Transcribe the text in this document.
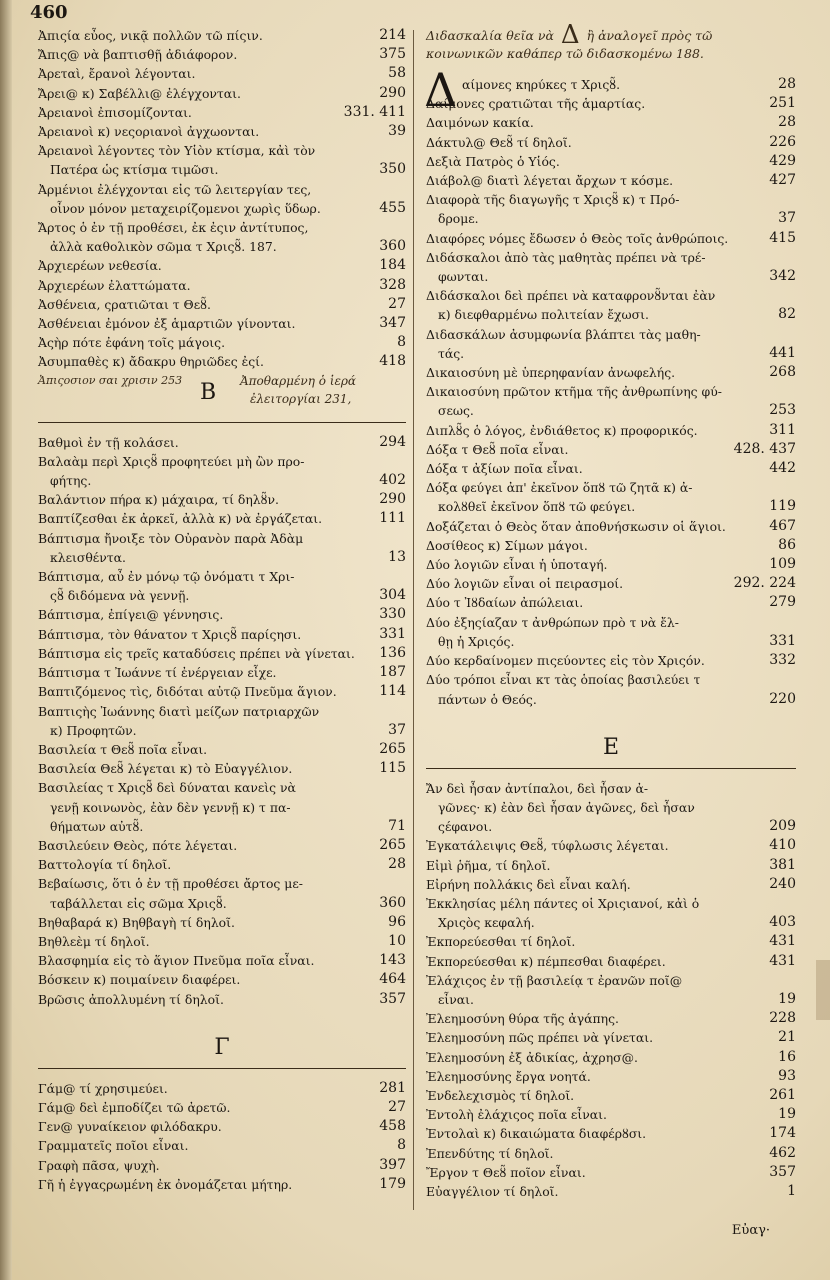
460
Ἀπιςία εὖος, νικᾷ πολλῶν τῶ πίςιν.	214
Ἄπις@ νὰ βαπτισθῇ ἀδιάφορον.	375
Ἀρεταὶ, ἔρανοὶ λέγονται.	58
Ἄρει@ κ) Σαβέλλι@ ἐλέγχονται.	290
Ἀρειανοὶ ἐπισομίζονται.	331. 411
Ἀρειανοὶ κ) νεςοριανοὶ ἀγχωονται.	39
Ἀρειανοὶ λέγοντες τὸν Υἱὸν κτίσμα, κἀὶ τὸν
Πατέρα ὡς κτίσμα τιμῶσι.	350
Ἀρμένιοι ἐλέγχονται εἰς τῶ λειτεργίαν τες,
οἶνον μόνον μεταχειρίζομενοι χωρὶς ὕδωρ.	455
Ἄρτος ὁ ἐν τῇ προθέσει, ἐκ ἐςιν ἀντίτυπος,
ἀλλὰ καθολικὸν σῶμα τ Χριςȣ̃. 187.	360
Ἀρχιερέων νεθεσία.	184
Ἀρχιερέων ἐλαττώματα.	328
Ἀσθένεια, ςρατιῶται τ Θεȣ̃.	27
Ἀσθένειαι ἐμόνον ἐξ ἁμαρτιῶν γίνονται.	347
Ἀςὴρ πότε ἐφάνη τοῖς μάγοις.	8
Ἀσυμπαθὲς κ) ἄδακρυ θηριῶδες ἐςί.	418
Ἀπιςοσιον σαι χρισιν 253 B Ἀποθαρμένη ὁ ἱερά
ἐλειτοργίαι 231,
Βαθμοὶ ἐν τῇ κολάσει.	294
Βαλαὰμ περὶ Χριςȣ̃ προφητεύει μὴ ὢν προ-
φήτης.	402
Βαλάντιον πήρα κ) μάχαιρα, τί δηλȣ̃ν.	290
Βαπτίζεσθαι ἐκ ἀρκεῖ, ἀλλὰ κ) νὰ ἐργάζεται.	111
Βάπτισμα ἤνοιξε τὸν Οὐρανὸν παρὰ Ἀδὰμ
κλεισθέντα.	13
Βάπτισμα, αὖ ἐν μόνῳ τῷ ὀνόματι τ Χρι-
ςȣ̃ διδόμενα νὰ γεννῇ.	304
Βάπτισμα, ἐπίγει@ γέννησις.	330
Βάπτισμα, τὸν θάνατον τ Χριςȣ̃ παρίςησι.	331
Βάπτισμα εἰς τρεῖς καταδύσεις πρέπει νὰ γίνεται. 136
Βάπτισμα τ Ἰωάννε τί ἐνέργειαν εἶχε.	187
Βαπτιζόμενος τὶς, διδόται αὐτῷ Πνεῦμα ἅγιον.	114
Βαπτιςὴς Ἰωάννης διατὶ μείζων πατριαρχῶν
κ) Προφητῶν.	37
Βασιλεία τ Θεȣ̃ ποῖα εἶναι.	265
Βασιλεία Θεȣ̃ λέγεται κ) τὸ Εὐαγγέλιον.	115
Βασιλείας τ Χριςȣ̃ δεὶ δύναται κανεὶς νὰ
γενῇ κοινωνὸς, ἐὰν δὲν γεννῇ κ) τ πα-
θήματων αὐτȣ̃.	71
Βασιλεύειν Θεὸς, πότε λέγεται.	265
Βαττολογία τί δηλοῖ.	28
Βεβαίωσις, ὅτι ὁ ἐν τῇ προθέσει ἄρτος με-
ταβάλλεται εἰς σῶμα Χριςȣ̃.	360
Βηθαβαρά κ) Βηθβαγὴ τί δηλοῖ.	96
Βηθλεὲμ τί δηλοῖ.	10
Βλασφημία εἰς τὸ ἅγιον Πνεῦμα ποῖα εἶναι.	143
Βόσκειν κ) ποιμαίνειν διαφέρει.	464
Βρῶσις ἀπολλυμένη τί δηλοῖ.	357
Γ
Γάμ@ τί χρησιμεύει.	281
Γάμ@ δεὶ ἐμποδίζει τῶ ἀρετῶ.	27
Γεν@ γυναίκειον φιλόδακρυ.	458
Γραμματεῖς ποῖοι εἶναι.	8
Γραφὴ πᾶσα, ψυχὴ.	397
Γῆ ἡ ἐγγαςρωμένη ἐκ ὀνομάζεται μήτηρ.	179
Διδασκαλία θεῖα νὰ Δ ἢ ἀναλογεῖ πρὸς τῶ
κοινωνικῶν καθάπερ τῶ διδασκομένω 188.
Δ αίμονες κηρύκες τ Χριςȣ̃.	28
Δαίμονες ςρατιῶται τῆς ἁμαρτίας.	251
Δαιμόνων κακία.	28
Δάκτυλ@ Θεȣ̃ τί δηλοῖ.	226
Δεξιὰ Πατρὸς ὁ Υἱός.	429
Διάβολ@ διατὶ λέγεται ἄρχων τ κόσμε.	427
Διαφορὰ τῆς διαγωγῆς τ Χριςȣ̃ κ) τ Πρό-
δρομε.	37
Διαφόρες νόμες ἔδωσεν ὁ Θεὸς τοῖς ἀνθρώποις.	415
Διδάσκαλοι ἀπὸ τὰς μαθητὰς πρέπει νὰ τρέ-
φωνται.	342
Διδάσκαλοι δεὶ πρέπει νὰ καταφρονȣ̃νται ἐὰν
κ) διεφθαρμένω πολιτείαν ἔχωσι.	82
Διδασκάλων ἀσυμφωνία βλάπτει τὰς μαθη-
τάς.	441
Δικαιοσύνη μὲ ὑπερηφανίαν ἀνωφελής.	268
Δικαιοσύνη πρῶτον κτῆμα τῆς ἀνθρωπίνης φύ-
σεως.	253
Διπλȣ̃ς ὁ λόγος, ἐνδιάθετος κ) προφορικός.	311
Δόξα τ Θεȣ̃ ποῖα εἶναι.	428. 437
Δόξα τ ἀξίων ποῖα εἶναι.	442
Δόξα φεύγει ἀπ' ἐκεῖνον ὅπȣ τῶ ζητᾶ κ) ἀ-
κολȣθεῖ ἐκεῖνον ὅπȣ τῶ φεύγει.	119
Δοξάζεται ὁ Θεὸς ὅταν ἀποθνήσκωσιν οἱ ἅγιοι.	467
Δοσίθεος κ) Σίμων μάγοι.	86
Δύο λογιῶν εἶναι ἡ ὑποταγή.	109
Δύο λογιῶν εἶναι οἱ πειρασμοί.	292. 224
Δύο τ Ἰȣδαίων ἀπώλειαι.	279
Δύο ἐξηςίαζαν τ ἀνθρώπων πρὸ τ νὰ ἔλ-
θῃ ἡ Χριςός.	331
Δύο κερδαίνομεν πιςεύοντες εἰς τὸν Χριςόν.	332
Δύο τρόποι εἶναι κτ τὰς ὁποίας βασιλεύει τ
πάντων ὁ Θεός.	220
E
Ἄν δεὶ ἦσαν ἀντίπαλοι, δεὶ ἦσαν ἀ-
γῶνες· κ) ἐὰν δεὶ ἦσαν ἀγῶνες, δεὶ ἦσαν
ςέφανοι.	209
Ἐγκατάλειψις Θεȣ̃, τύφλωσις λέγεται.	410
Εἰμὶ ῥῆμα, τί δηλοῖ.	381
Εἰρήνη πολλάκις δεὶ εἶναι καλή.	240
Ἐκκλησίας μέλη πάντες οἱ Χριςιανοί, κἀὶ ὁ
Χριςὸς κεφαλή.	403
Ἐκπορεύεσθαι τί δηλοῖ.	431
Ἐκπορεύεσθαι κ) πέμπεσθαι διαφέρει.	431
Ἐλάχιςος ἐν τῇ βασιλείᾳ τ ἐρανῶν ποῖ@
εἶναι.	19
Ἐλεημοσύνη θύρα τῆς ἀγάπης.	228
Ἐλεημοσύνη πῶς πρέπει νὰ γίνεται.	21
Ἐλεημοσύνη ἐξ ἀδικίας, ἀχρησ@.	16
Ἐλεημοσύνης ἔργα νοητά.	93
Ἐνδελεχισμὸς τί δηλοῖ.	261
Ἐντολὴ ἐλάχιςος ποῖα εἶναι.	19
Ἐντολαὶ κ) δικαιώματα διαφέρȣσι.	174
Ἐπενδύτης τί δηλοῖ.	462
Ἔργον τ Θεȣ̃ ποῖον εἶναι.	357
Εὐαγγέλιον τί δηλοῖ.	1
Εὐαγ·
